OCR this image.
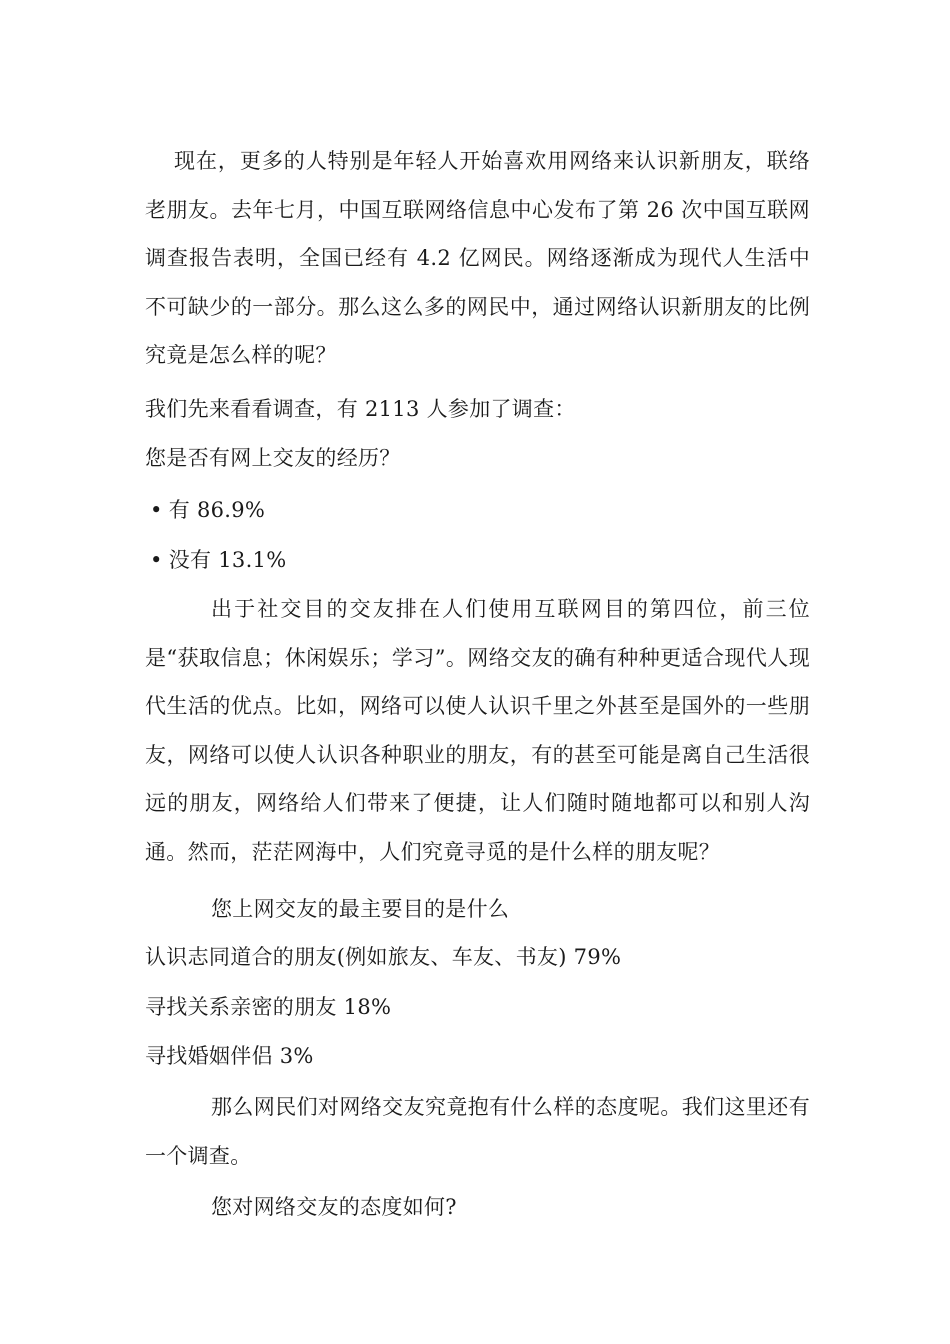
现在，更多的人特别是年轻人开始喜欢用网络来认识新朋友，联络老朋友。去年七月，中国互联网络信息中心发布了第 26 次中国互联网调查报告表明，全国已经有 4.2 亿网民。网络逐渐成为现代人生活中不可缺少的一部分。那么这么多的网民中，通过网络认识新朋友的比例究竟是怎么样的呢？

我们先来看看调查，有 2113 人参加了调查：

您是否有网上交友的经历？

• 有 86.9%

• 没有 13.1%

出于社交目的交友排在人们使用互联网目的第四位，前三位是“获取信息；休闲娱乐；学习”。网络交友的确有种种更适合现代人现代生活的优点。比如，网络可以使人认识千里之外甚至是国外的一些朋友，网络可以使人认识各种职业的朋友，有的甚至可能是离自己生活很远的朋友，网络给人们带来了便捷，让人们随时随地都可以和别人沟通。然而，茫茫网海中，人们究竟寻觅的是什么样的朋友呢？

您上网交友的最主要目的是什么

认识志同道合的朋友(例如旅友、车友、书友) 79%

寻找关系亲密的朋友 18%

寻找婚姻伴侣 3%

那么网民们对网络交友究竟抱有什么样的态度呢。我们这里还有一个调查。

您对网络交友的态度如何?
